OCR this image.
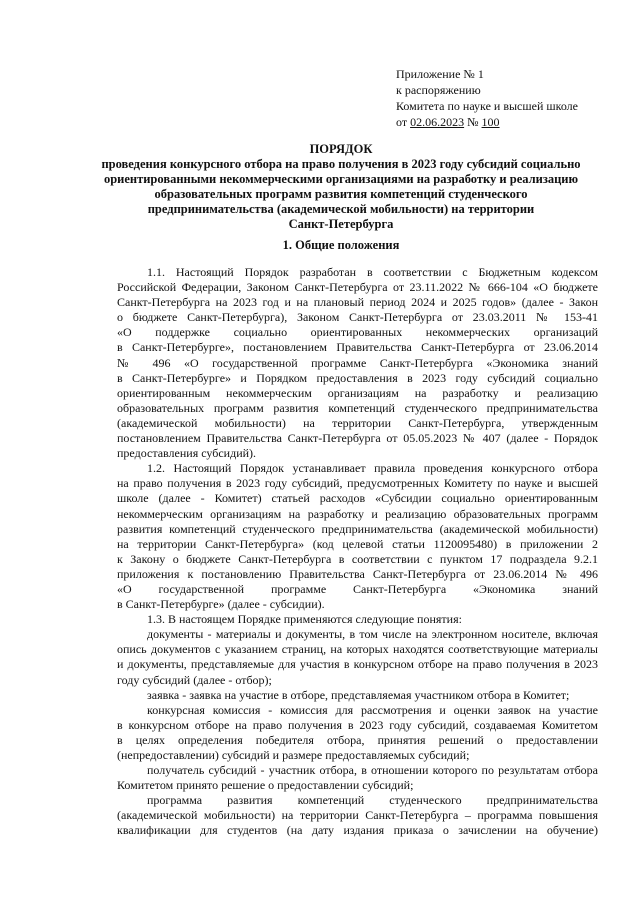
Приложение № 1
к распоряжению
Комитета по науке и высшей школе
от 02.06.2023 № 100
ПОРЯДОК
проведения конкурсного отбора на право получения в 2023 году субсидий социально
ориентированными некоммерческими организациями на разработку и реализацию
образовательных программ развития компетенций студенческого
предпринимательства (академической мобильности) на территории
Санкт-Петербурга
1. Общие положения
1.1. Настоящий Порядок разработан в соответствии с Бюджетным кодексом
Российской Федерации, Законом Санкт-Петербурга от 23.11.2022 № 666-104 «О бюджете
Санкт-Петербурга на 2023 год и на плановый период 2024 и 2025 годов» (далее - Закон
о бюджете Санкт-Петербурга), Законом Санкт-Петербурга от 23.03.2011 № 153-41
«О поддержке социально ориентированных некоммерческих организаций
в Санкт-Петербурге», постановлением Правительства Санкт-Петербурга от 23.06.2014
№ 496 «О государственной программе Санкт-Петербурга «Экономика знаний
в Санкт-Петербурге» и Порядком предоставления в 2023 году субсидий социально
ориентированным некоммерческим организациям на разработку и реализацию
образовательных программ развития компетенций студенческого предпринимательства
(академической мобильности) на территории Санкт-Петербурга, утвержденным
постановлением Правительства Санкт-Петербурга от 05.05.2023 № 407 (далее - Порядок
предоставления субсидий).
1.2. Настоящий Порядок устанавливает правила проведения конкурсного отбора
на право получения в 2023 году субсидий, предусмотренных Комитету по науке и высшей
школе (далее - Комитет) статьей расходов «Субсидии социально ориентированным
некоммерческим организациям на разработку и реализацию образовательных программ
развития компетенций студенческого предпринимательства (академической мобильности)
на территории Санкт-Петербурга» (код целевой статьи 1120095480) в приложении 2
к Закону о бюджете Санкт-Петербурга в соответствии с пунктом 17 подраздела 9.2.1
приложения к постановлению Правительства Санкт-Петербурга от 23.06.2014 № 496
«О государственной программе Санкт-Петербурга «Экономика знаний
в Санкт-Петербурге» (далее - субсидии).
1.3. В настоящем Порядке применяются следующие понятия:
документы - материалы и документы, в том числе на электронном носителе, включая
опись документов с указанием страниц, на которых находятся соответствующие материалы
и документы, представляемые для участия в конкурсном отборе на право получения в 2023
году субсидий (далее - отбор);
заявка - заявка на участие в отборе, представляемая участником отбора в Комитет;
конкурсная комиссия - комиссия для рассмотрения и оценки заявок на участие
в конкурсном отборе на право получения в 2023 году субсидий, создаваемая Комитетом
в целях определения победителя отбора, принятия решений о предоставлении
(непредоставлении) субсидий и размере предоставляемых субсидий;
получатель субсидий - участник отбора, в отношении которого по результатам отбора
Комитетом принято решение о предоставлении субсидий;
программа развития компетенций студенческого предпринимательства
(академической мобильности) на территории Санкт-Петербурга – программа повышения
квалификации для студентов (на дату издания приказа о зачислении на обучение)
